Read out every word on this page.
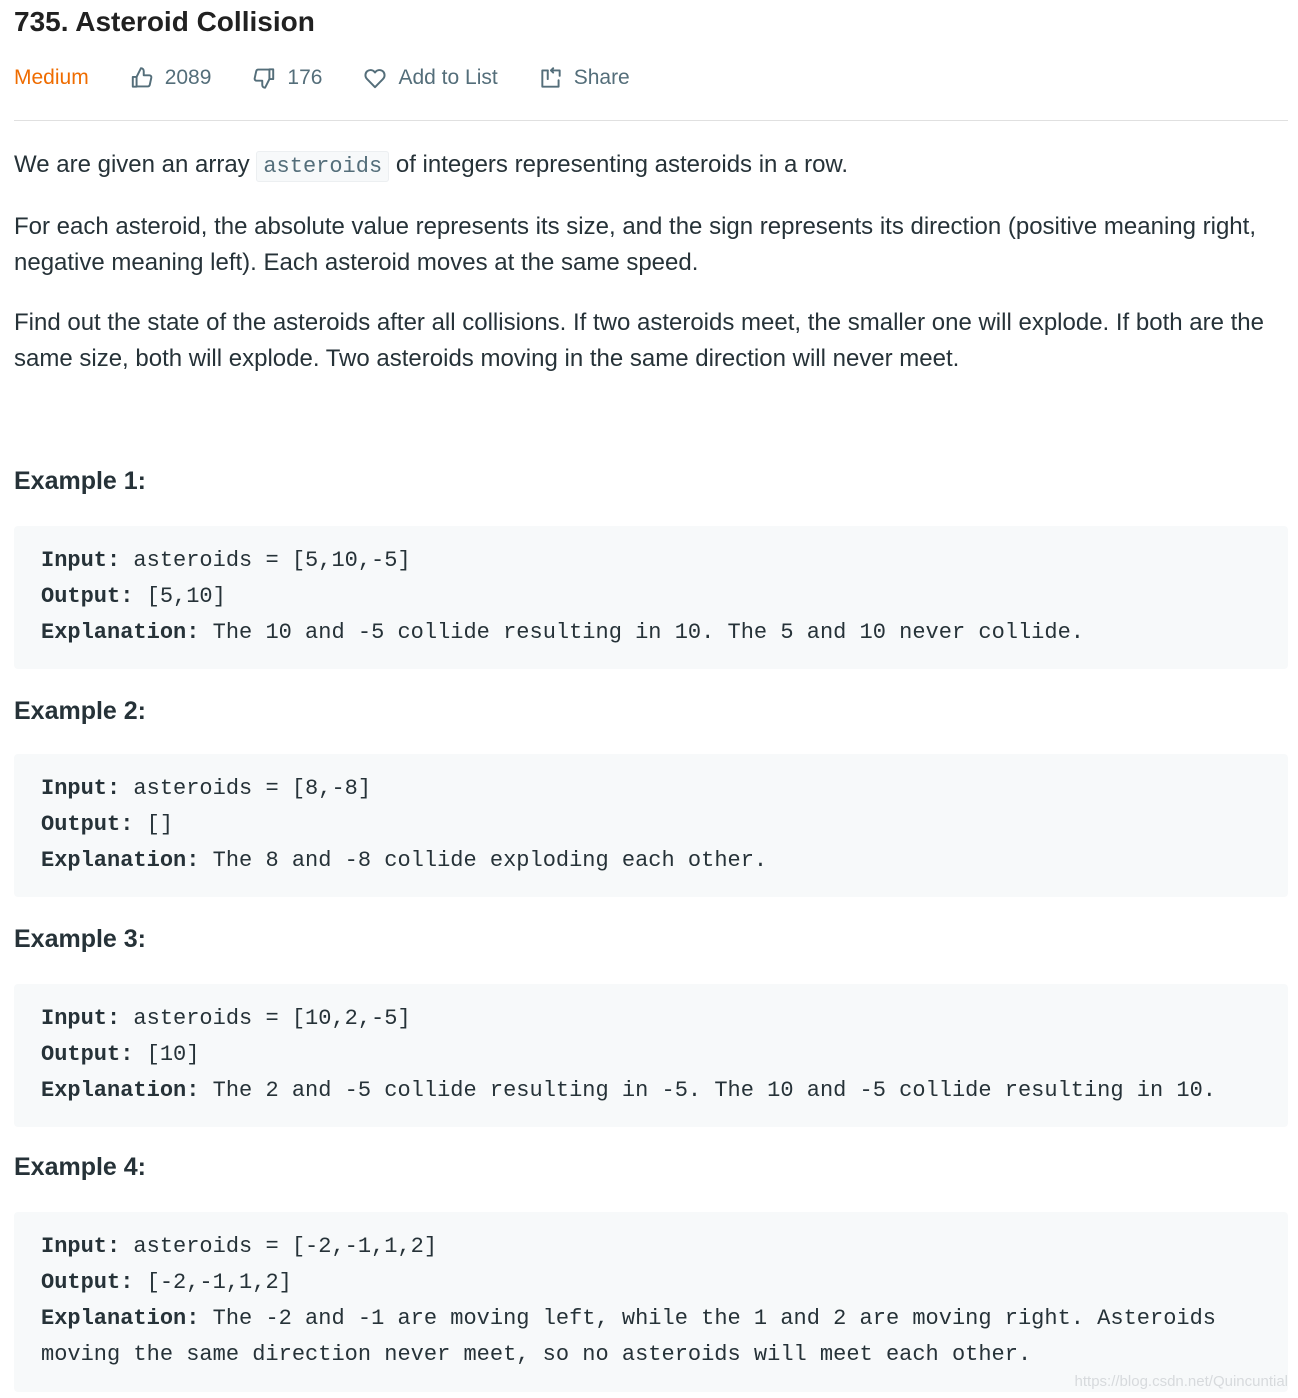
735. Asteroid Collision
Medium	2089	176	Add to List	Share
We are given an array asteroids of integers representing asteroids in a row.
For each asteroid, the absolute value represents its size, and the sign represents its direction (positive meaning right, negative meaning left). Each asteroid moves at the same speed.
Find out the state of the asteroids after all collisions. If two asteroids meet, the smaller one will explode. If both are the same size, both will explode. Two asteroids moving in the same direction will never meet.
Example 1:
Input: asteroids = [5,10,-5]
Output: [5,10]
Explanation: The 10 and -5 collide resulting in 10. The 5 and 10 never collide.
Example 2:
Input: asteroids = [8,-8]
Output: []
Explanation: The 8 and -8 collide exploding each other.
Example 3:
Input: asteroids = [10,2,-5]
Output: [10]
Explanation: The 2 and -5 collide resulting in -5. The 10 and -5 collide resulting in 10.
Example 4:
Input: asteroids = [-2,-1,1,2]
Output: [-2,-1,1,2]
Explanation: The -2 and -1 are moving left, while the 1 and 2 are moving right. Asteroids
moving the same direction never meet, so no asteroids will meet each other.
https://blog.csdn.net/Quincuntial
